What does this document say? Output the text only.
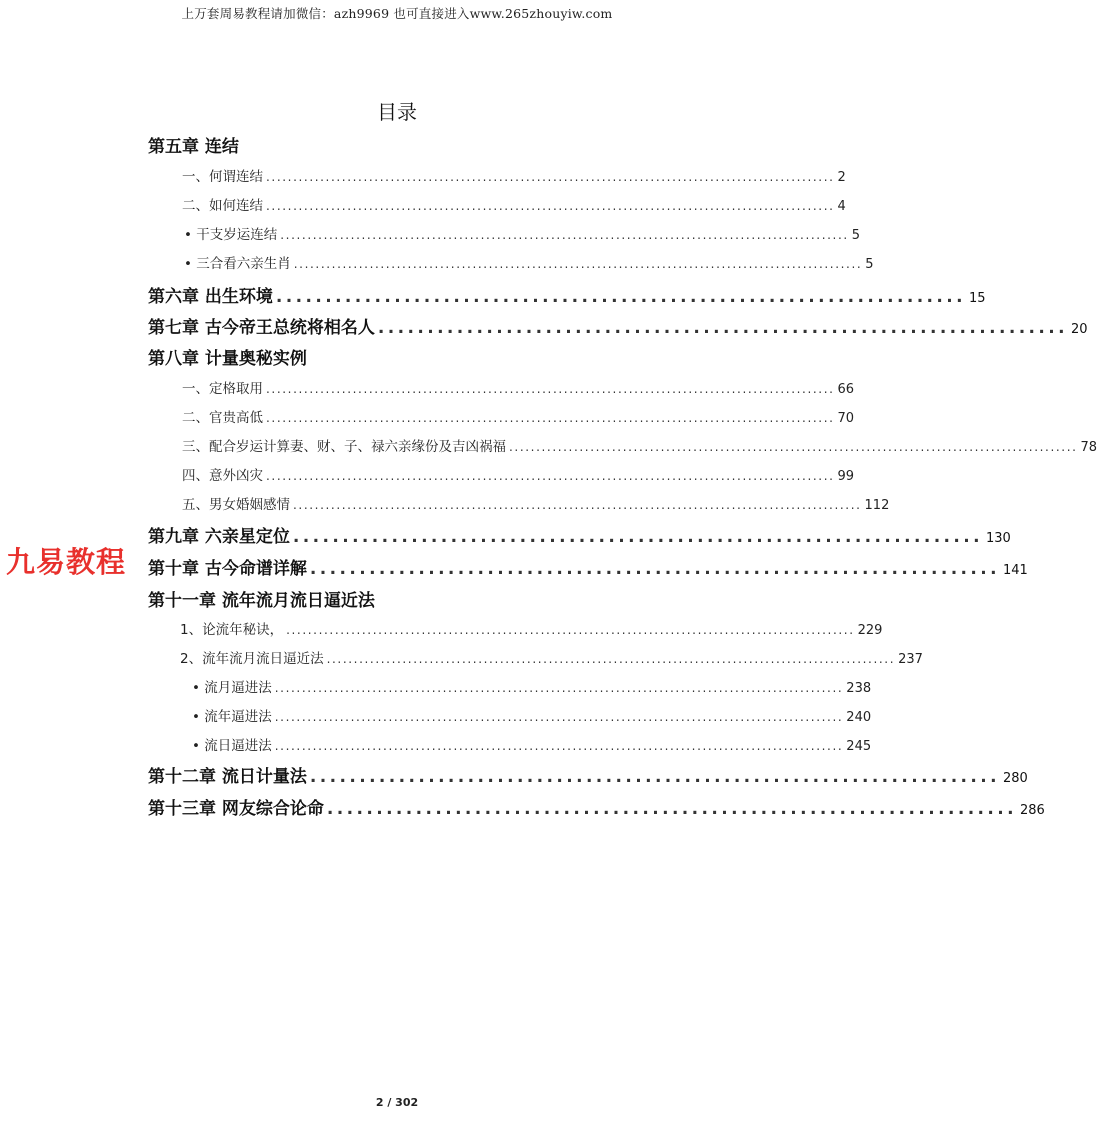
上万套周易教程请加微信：azh9969 也可直接进入www.265zhouyiw.com
目录
第五章 连结
一、何谓连结 ......................................................................................................... 2
二、如何连结 ......................................................................................................... 4
• 干支岁运连结 ......................................................................................................... 5
• 三合看六亲生肖 ......................................................................................................... 5
第六章 出生环境 ...................................................................... 15
第七章 古今帝王总统将相名人 ...................................................................... 20
第八章 计量奥秘实例
一、定格取用 ......................................................................................................... 66
二、官贵高低 ......................................................................................................... 70
三、配合岁运计算妻、财、子、禄六亲缘份及吉凶祸福 ......................................................................................................... 78
四、意外凶灾 ......................................................................................................... 99
五、男女婚姻感情 ......................................................................................................... 112
第九章 六亲星定位 ...................................................................... 130
第十章 古今命谱详解 ...................................................................... 141
第十一章 流年流月流日逼近法
1、论流年秘诀， ......................................................................................................... 229
2、流年流月流日逼近法 ......................................................................................................... 237
• 流月逼进法 ......................................................................................................... 238
• 流年逼进法 ......................................................................................................... 240
• 流日逼进法 ......................................................................................................... 245
第十二章 流日计量法 ...................................................................... 280
第十三章 网友综合论命 ...................................................................... 286
九易教程
2 / 302
